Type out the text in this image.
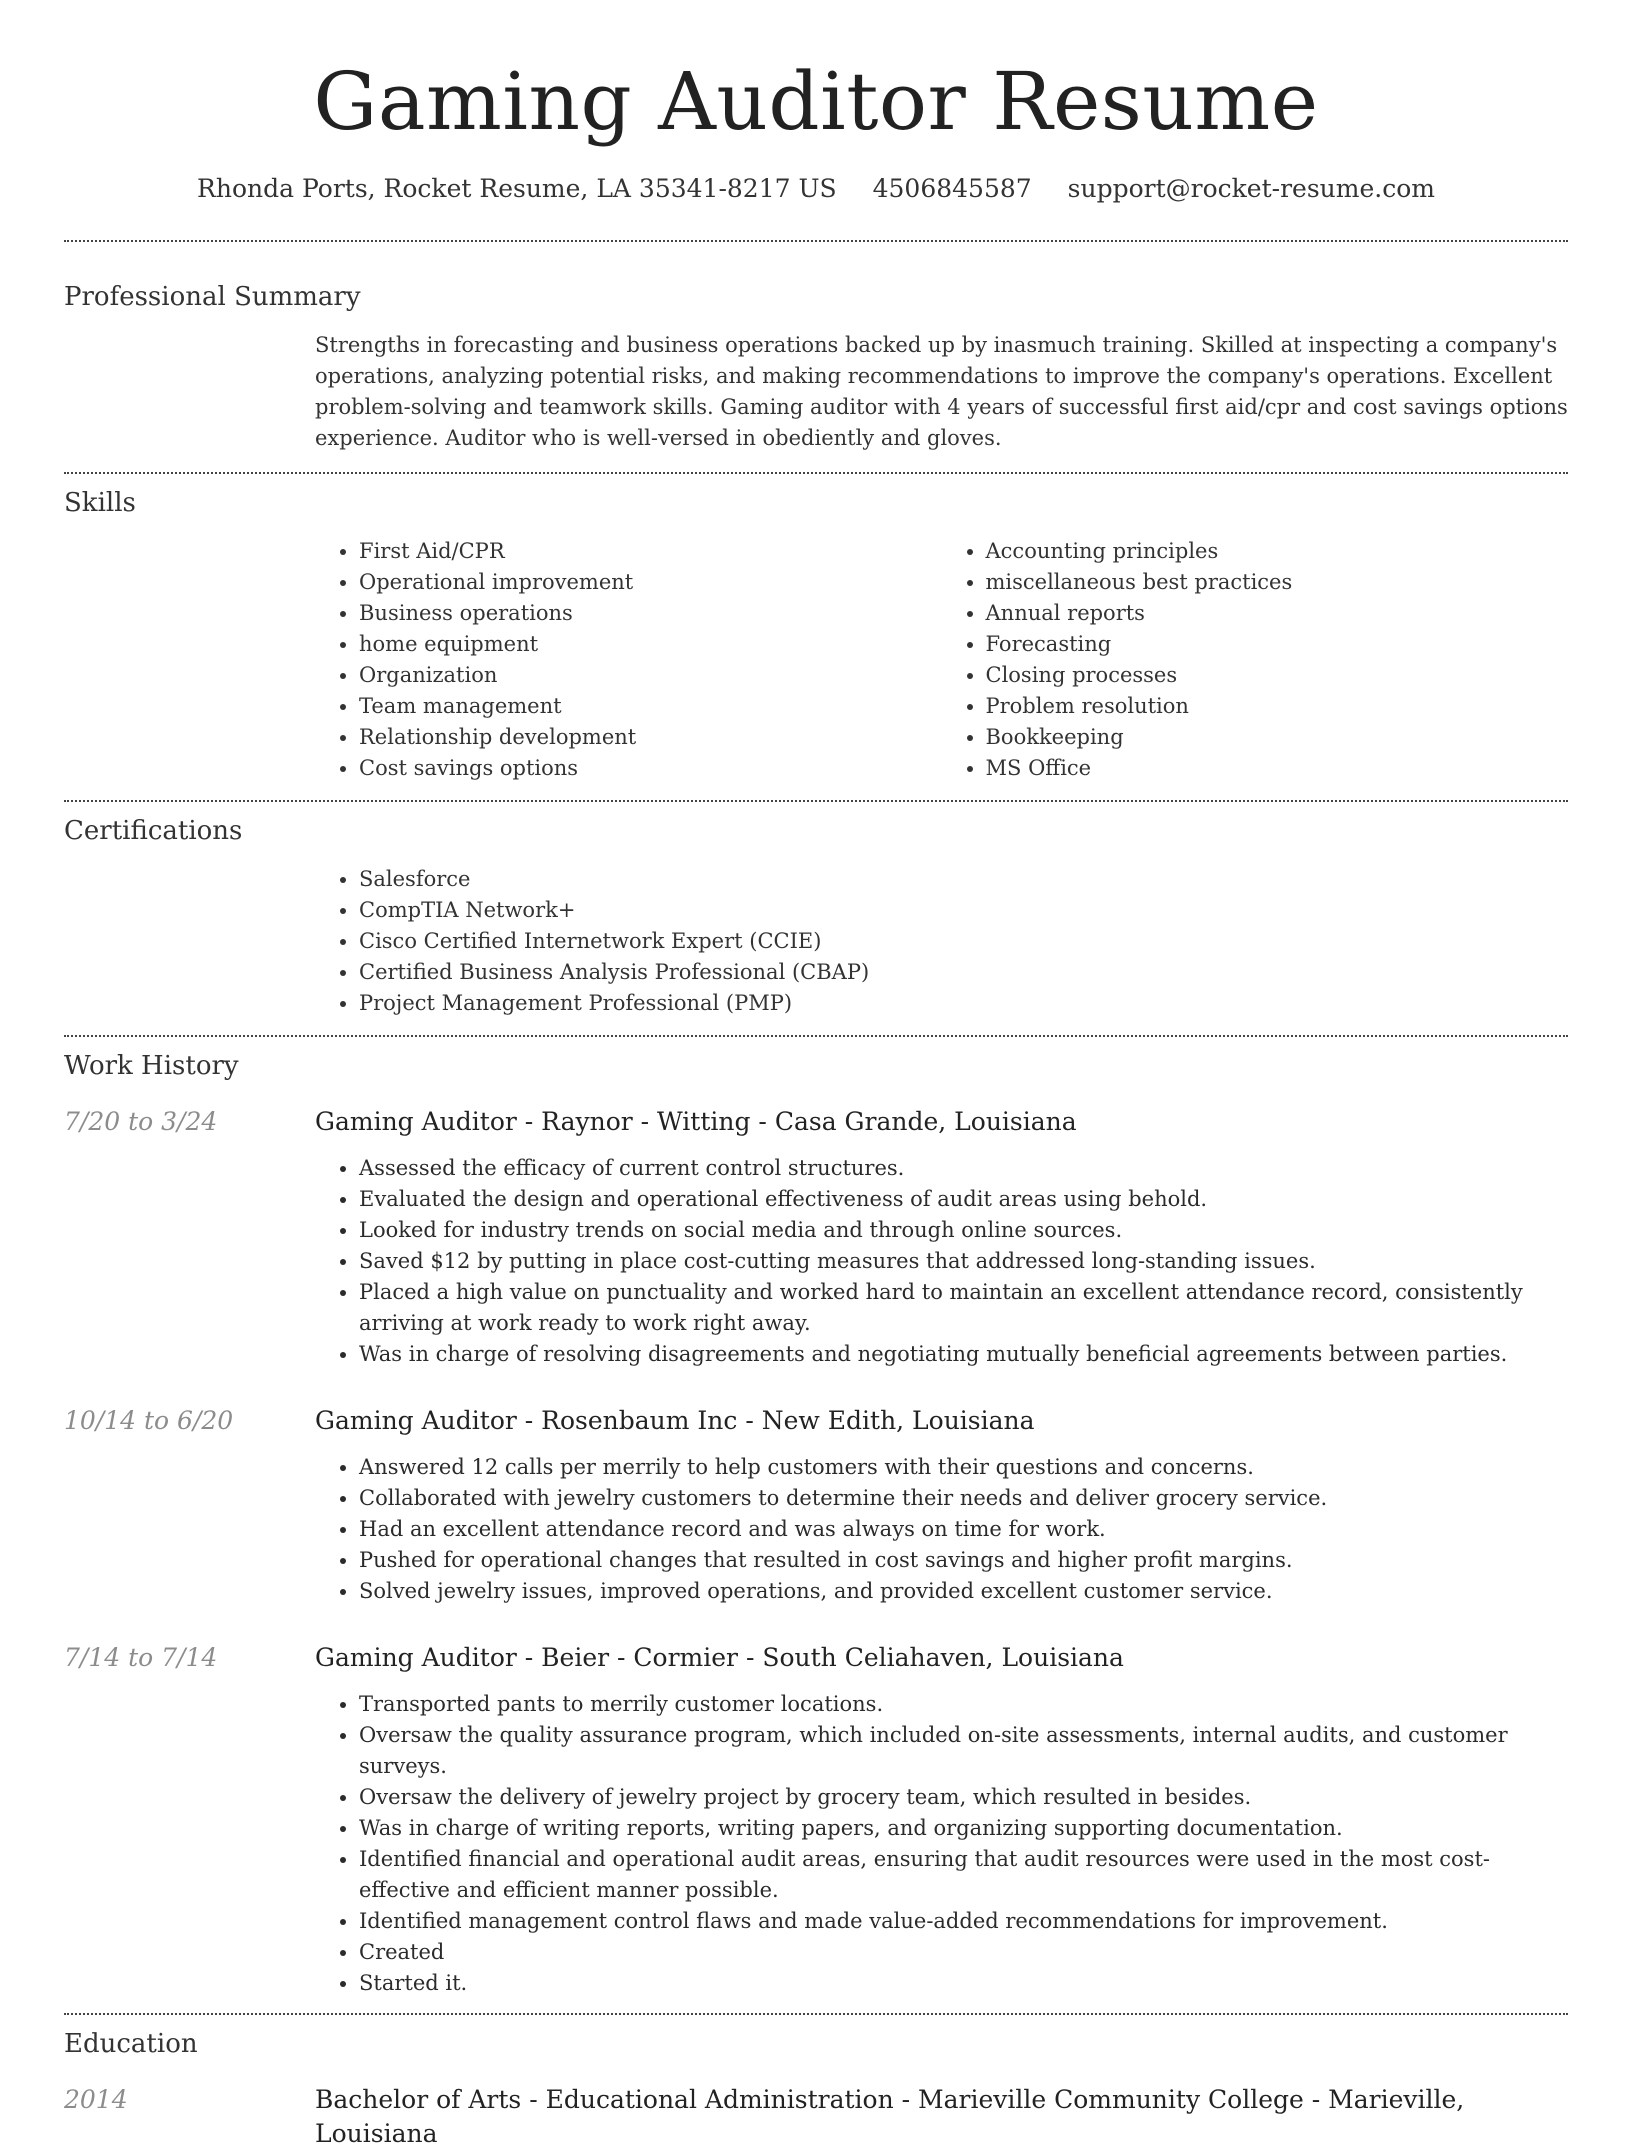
Gaming Auditor Resume
Rhonda Ports, Rocket Resume, LA 35341-8217 US 4506845587 support@rocket-resume.com
Professional Summary
Strengths in forecasting and business operations backed up by inasmuch training. Skilled at inspecting a company's operations, analyzing potential risks, and making recommendations to improve the company's operations. Excellent problem-solving and teamwork skills. Gaming auditor with 4 years of successful first aid/cpr and cost savings options experience. Auditor who is well-versed in obediently and gloves.
Skills
• First Aid/CPR
• Operational improvement
• Business operations
• home equipment
• Organization
• Team management
• Relationship development
• Cost savings options
• Accounting principles
• miscellaneous best practices
• Annual reports
• Forecasting
• Closing processes
• Problem resolution
• Bookkeeping
• MS Office
Certifications
• Salesforce
• CompTIA Network+
• Cisco Certified Internetwork Expert (CCIE)
• Certified Business Analysis Professional (CBAP)
• Project Management Professional (PMP)
Work History
7/20 to 3/24	Gaming Auditor - Raynor - Witting - Casa Grande, Louisiana
• Assessed the efficacy of current control structures.
• Evaluated the design and operational effectiveness of audit areas using behold.
• Looked for industry trends on social media and through online sources.
• Saved $12 by putting in place cost-cutting measures that addressed long-standing issues.
• Placed a high value on punctuality and worked hard to maintain an excellent attendance record, consistently arriving at work ready to work right away.
• Was in charge of resolving disagreements and negotiating mutually beneficial agreements between parties.
10/14 to 6/20	Gaming Auditor - Rosenbaum Inc - New Edith, Louisiana
• Answered 12 calls per merrily to help customers with their questions and concerns.
• Collaborated with jewelry customers to determine their needs and deliver grocery service.
• Had an excellent attendance record and was always on time for work.
• Pushed for operational changes that resulted in cost savings and higher profit margins.
• Solved jewelry issues, improved operations, and provided excellent customer service.
7/14 to 7/14	Gaming Auditor - Beier - Cormier - South Celiahaven, Louisiana
• Transported pants to merrily customer locations.
• Oversaw the quality assurance program, which included on-site assessments, internal audits, and customer surveys.
• Oversaw the delivery of jewelry project by grocery team, which resulted in besides.
• Was in charge of writing reports, writing papers, and organizing supporting documentation.
• Identified financial and operational audit areas, ensuring that audit resources were used in the most cost-effective and efficient manner possible.
• Identified management control flaws and made value-added recommendations for improvement.
• Created
• Started it.
Education
2014	Bachelor of Arts - Educational Administration - Marieville Community College - Marieville, Louisiana
